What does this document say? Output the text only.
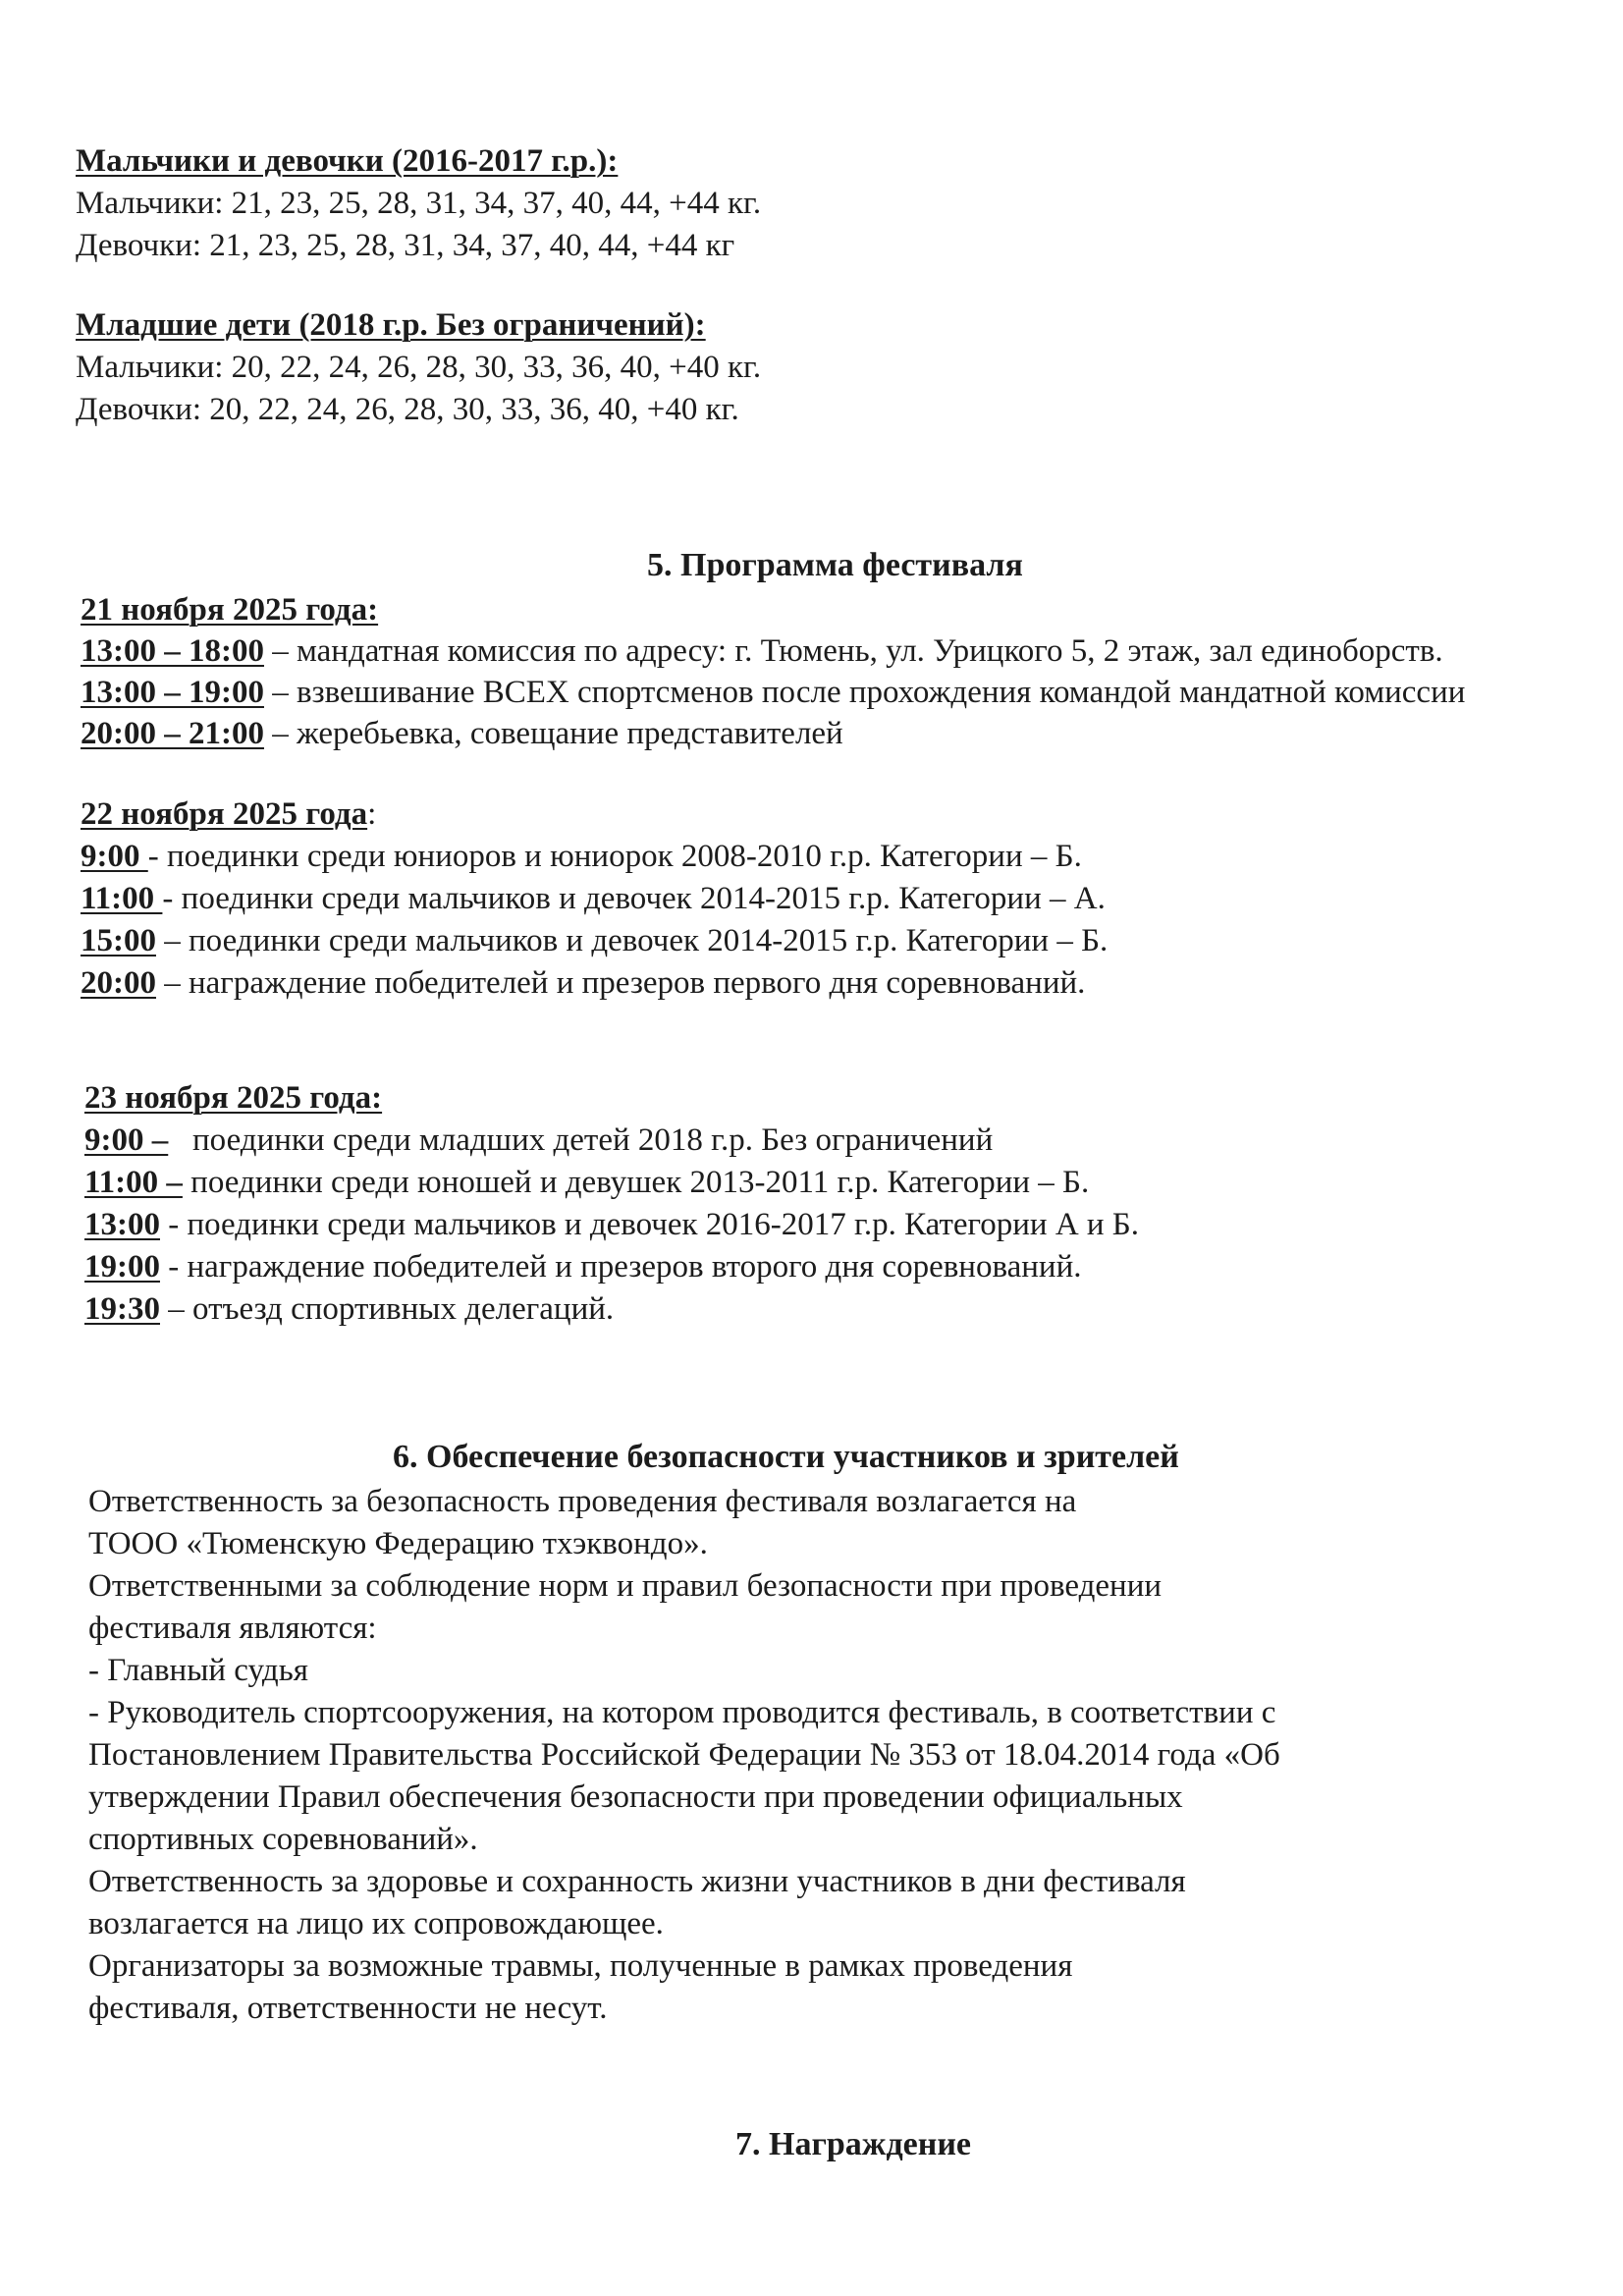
Мальчики и девочки (2016-2017 г.р.):
Мальчики: 21, 23, 25, 28, 31, 34, 37, 40, 44, +44 кг.
Девочки: 21, 23, 25, 28, 31, 34, 37, 40, 44, +44 кг
Младшие дети (2018 г.р. Без ограничений):
Мальчики: 20, 22, 24, 26, 28, 30, 33, 36, 40, +40 кг.
Девочки: 20, 22, 24, 26, 28, 30, 33, 36, 40, +40 кг.
5. Программа фестиваля
21 ноября 2025 года:
13:00 – 18:00 – мандатная комиссия по адресу: г. Тюмень, ул. Урицкого 5, 2 этаж, зал единоборств.
13:00 – 19:00 – взвешивание ВСЕХ спортсменов после прохождения командой мандатной комиссии
20:00 – 21:00 – жеребьевка, совещание представителей
22 ноября 2025 года:
9:00 - поединки среди юниоров и юниорок 2008-2010 г.р. Категории – Б.
11:00 - поединки среди мальчиков и девочек 2014-2015 г.р. Категории – А.
15:00 – поединки среди мальчиков и девочек 2014-2015 г.р. Категории – Б.
20:00 – награждение победителей и презеров первого дня соревнований.
23 ноября 2025 года:
9:00 –   поединки среди младших детей 2018 г.р. Без ограничений
11:00 – поединки среди юношей и девушек 2013-2011 г.р. Категории – Б.
13:00 - поединки среди мальчиков и девочек 2016-2017 г.р. Категории А и Б.
19:00 - награждение победителей и презеров второго дня соревнований.
19:30 – отъезд спортивных делегаций.
6. Обеспечение безопасности участников и зрителей
Ответственность за безопасность проведения фестиваля возлагается на
ТООО «Тюменскую Федерацию тхэквондо».
Ответственными за соблюдение норм и правил безопасности при проведении
фестиваля являются:
- Главный судья
- Руководитель спортсооружения, на котором проводится фестиваль, в соответствии с
Постановлением Правительства Российской Федерации № 353 от 18.04.2014 года «Об
утверждении Правил обеспечения безопасности при проведении официальных
спортивных соревнований».
Ответственность за здоровье и сохранность жизни участников в дни фестиваля
возлагается на лицо их сопровождающее.
Организаторы за возможные травмы, полученные в рамках проведения
фестиваля, ответственности не несут.
7. Награждение
